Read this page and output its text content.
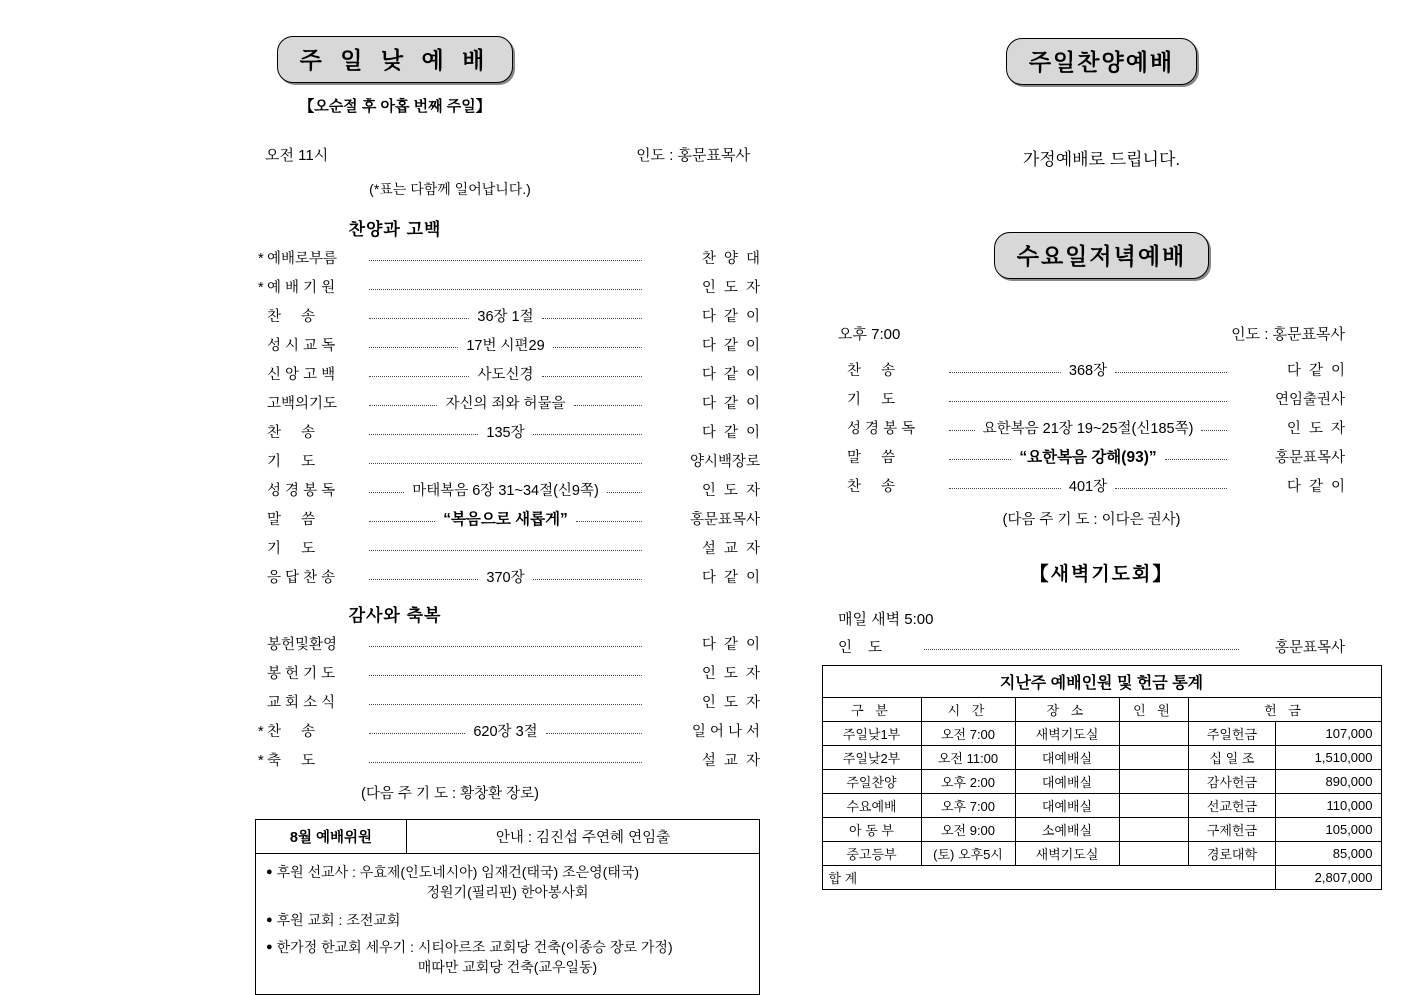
주 일 낮 예 배
【오순절 후 아홉 번째 주일】
오전 11시	인도 : 홍문표목사
(*표는 다함께 일어납니다.)
찬양과 고백
* 예배로부름	찬  양  대
* 예 배 기 원	인  도  자
찬     송	36장 1절	다  같  이
성 시 교 독	17번 시편29	다  같  이
신 앙 고 백	사도신경	다  같  이
고백의기도	자신의 죄와 허물을	다  같  이
찬     송	135장	다  같  이
기     도	양시백장로
성 경 봉 독	마태복음 6장 31~34절(신9쪽)	인  도  자
말     씀	“복음으로 새롭게”	홍문표목사
기     도	설  교  자
응 답 찬 송	370장	다  같  이
감사와 축복
봉헌및환영	다  같  이
봉 헌 기 도	인  도  자
교 회 소 식	인  도  자
* 찬     송	620장 3절	일 어 나 서
* 축     도	설  교  자
(다음 주 기 도 : 황창환 장로)
8월 예배위원	안내 : 김진섭 주연혜 연임출
● 후원 선교사 : 우효제(인도네시아) 임재건(태국) 조은영(태국)
정원기(필리핀) 한아봉사회
● 후원 교회 : 조전교회
● 한가정 한교회 세우기 : 시티아르조 교회당 건축(이종승 장로 가정)
매따만 교회당 건축(교우일동)
주일찬양예배
가정예배로 드립니다.
수요일저녁예배
오후 7:00	인도 : 홍문표목사
찬     송	368장	다  같  이
기     도	연임출권사
성 경 봉 독	요한복음 21장 19~25절(신185쪽)	인  도  자
말     씀	“요한복음 강해(93)”	홍문표목사
찬     송	401장	다  같  이
(다음 주 기 도 : 이다은 권사)
【새벽기도회】
매일 새벽 5:00
인 도	홍문표목사
지난주 예배인원 및 헌금 통계					
구 분	시 간	장 소	인 원	헌 금	
주일낮1부	오전 7:00	새벽기도실		주일헌금	107,000
주일낮2부	오전 11:00	대예배실		십 일 조	1,510,000
주일찬양	오후 2:00	대예배실		감사헌금	890,000
수요예배	오후 7:00	대예배실		선교헌금	110,000
아 동 부	오전 9:00	소예배실		구제헌금	105,000
중고등부	(토) 오후5시	새벽기도실		경로대학	85,000
합 계					2,807,000
